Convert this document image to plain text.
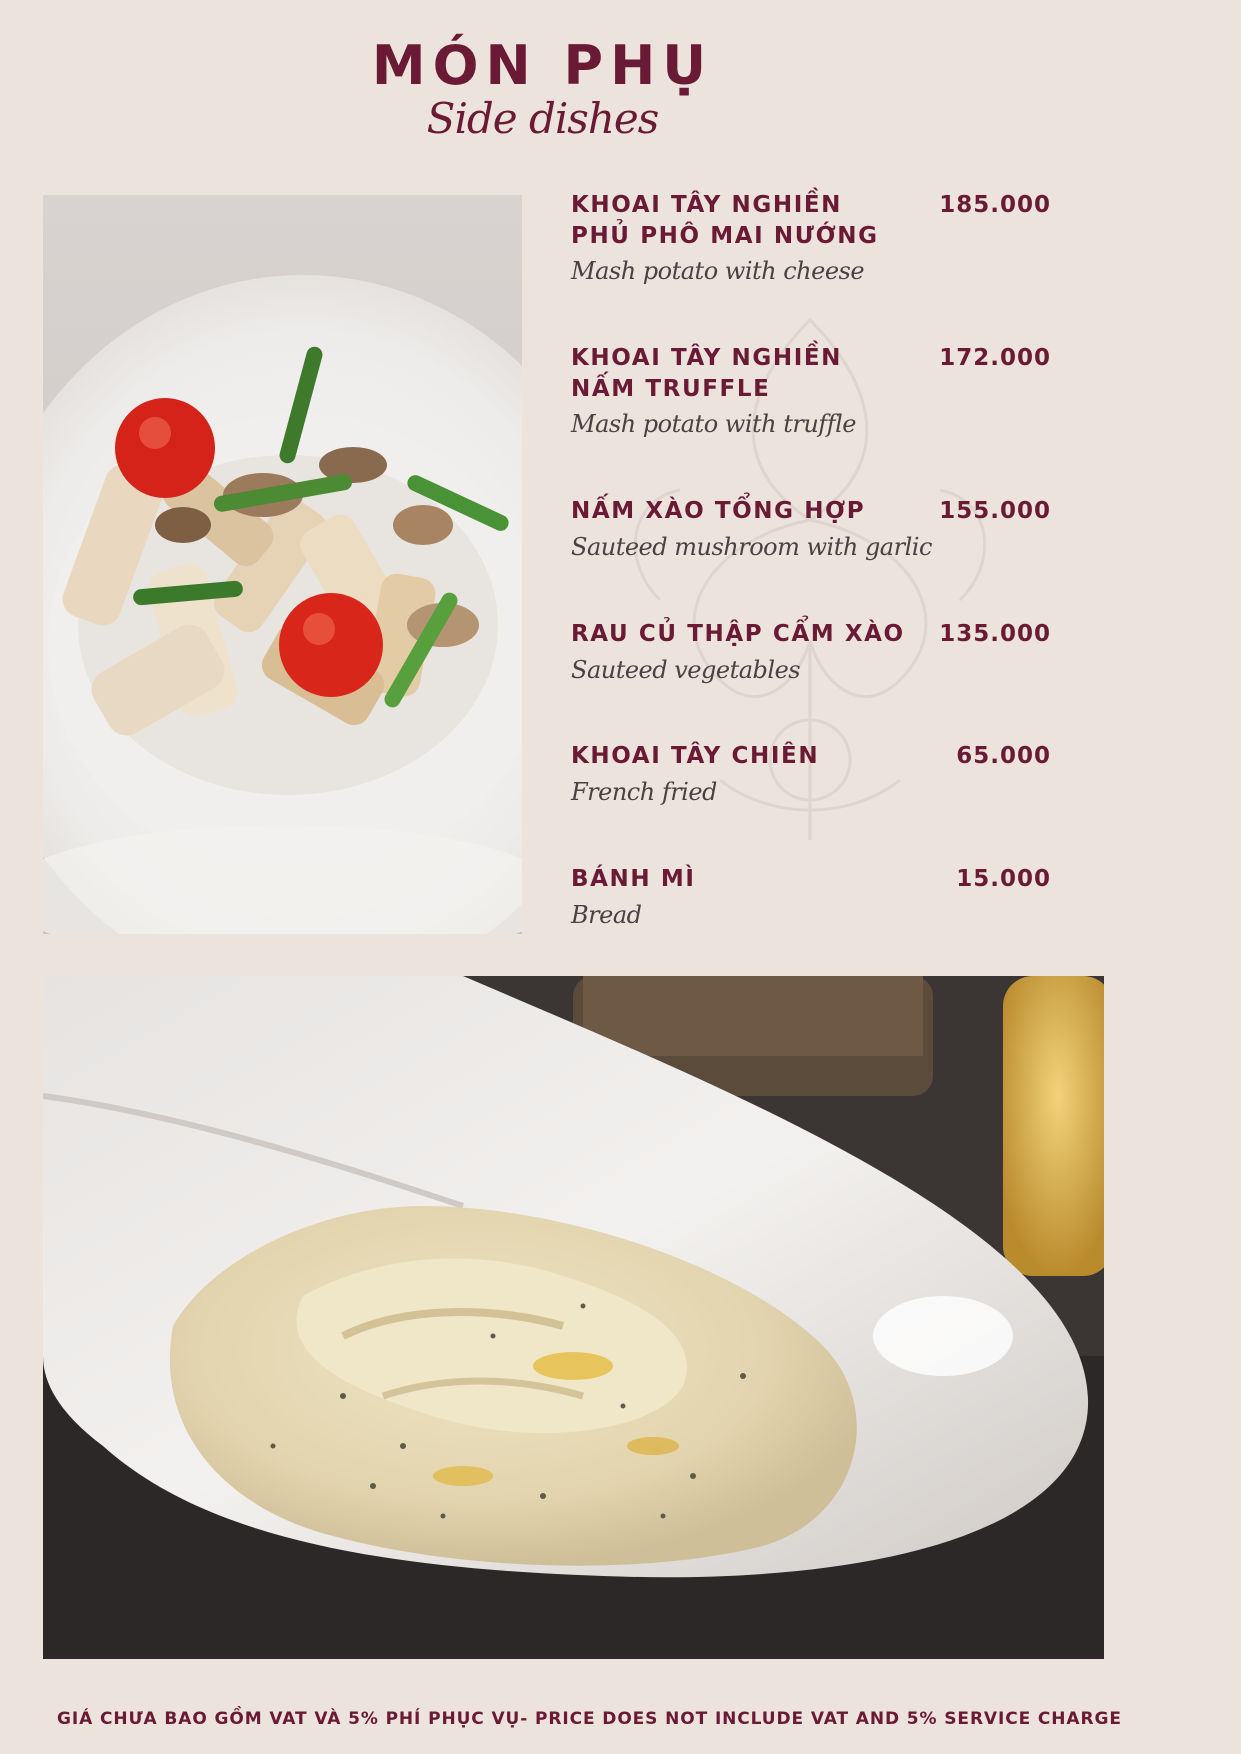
MÓN PHỤ
Side dishes
KHOAI TÂY NGHIỀN
PHỦ PHÔ MAI NƯỚNG
185.000
Mash potato with cheese
KHOAI TÂY NGHIỀN
NẤM TRUFFLE
172.000
Mash potato with truffle
NẤM XÀO TỔNG HỢP	155.000
Sauteed mushroom with garlic
RAU CỦ THẬP CẨM XÀO	135.000
Sauteed vegetables
KHOAI TÂY CHIÊN	65.000
French fried
BÁNH MÌ	15.000
Bread
GIÁ CHƯA BAO GỒM VAT VÀ 5% PHÍ PHỤC VỤ- PRICE DOES NOT INCLUDE VAT AND 5% SERVICE CHARGE
